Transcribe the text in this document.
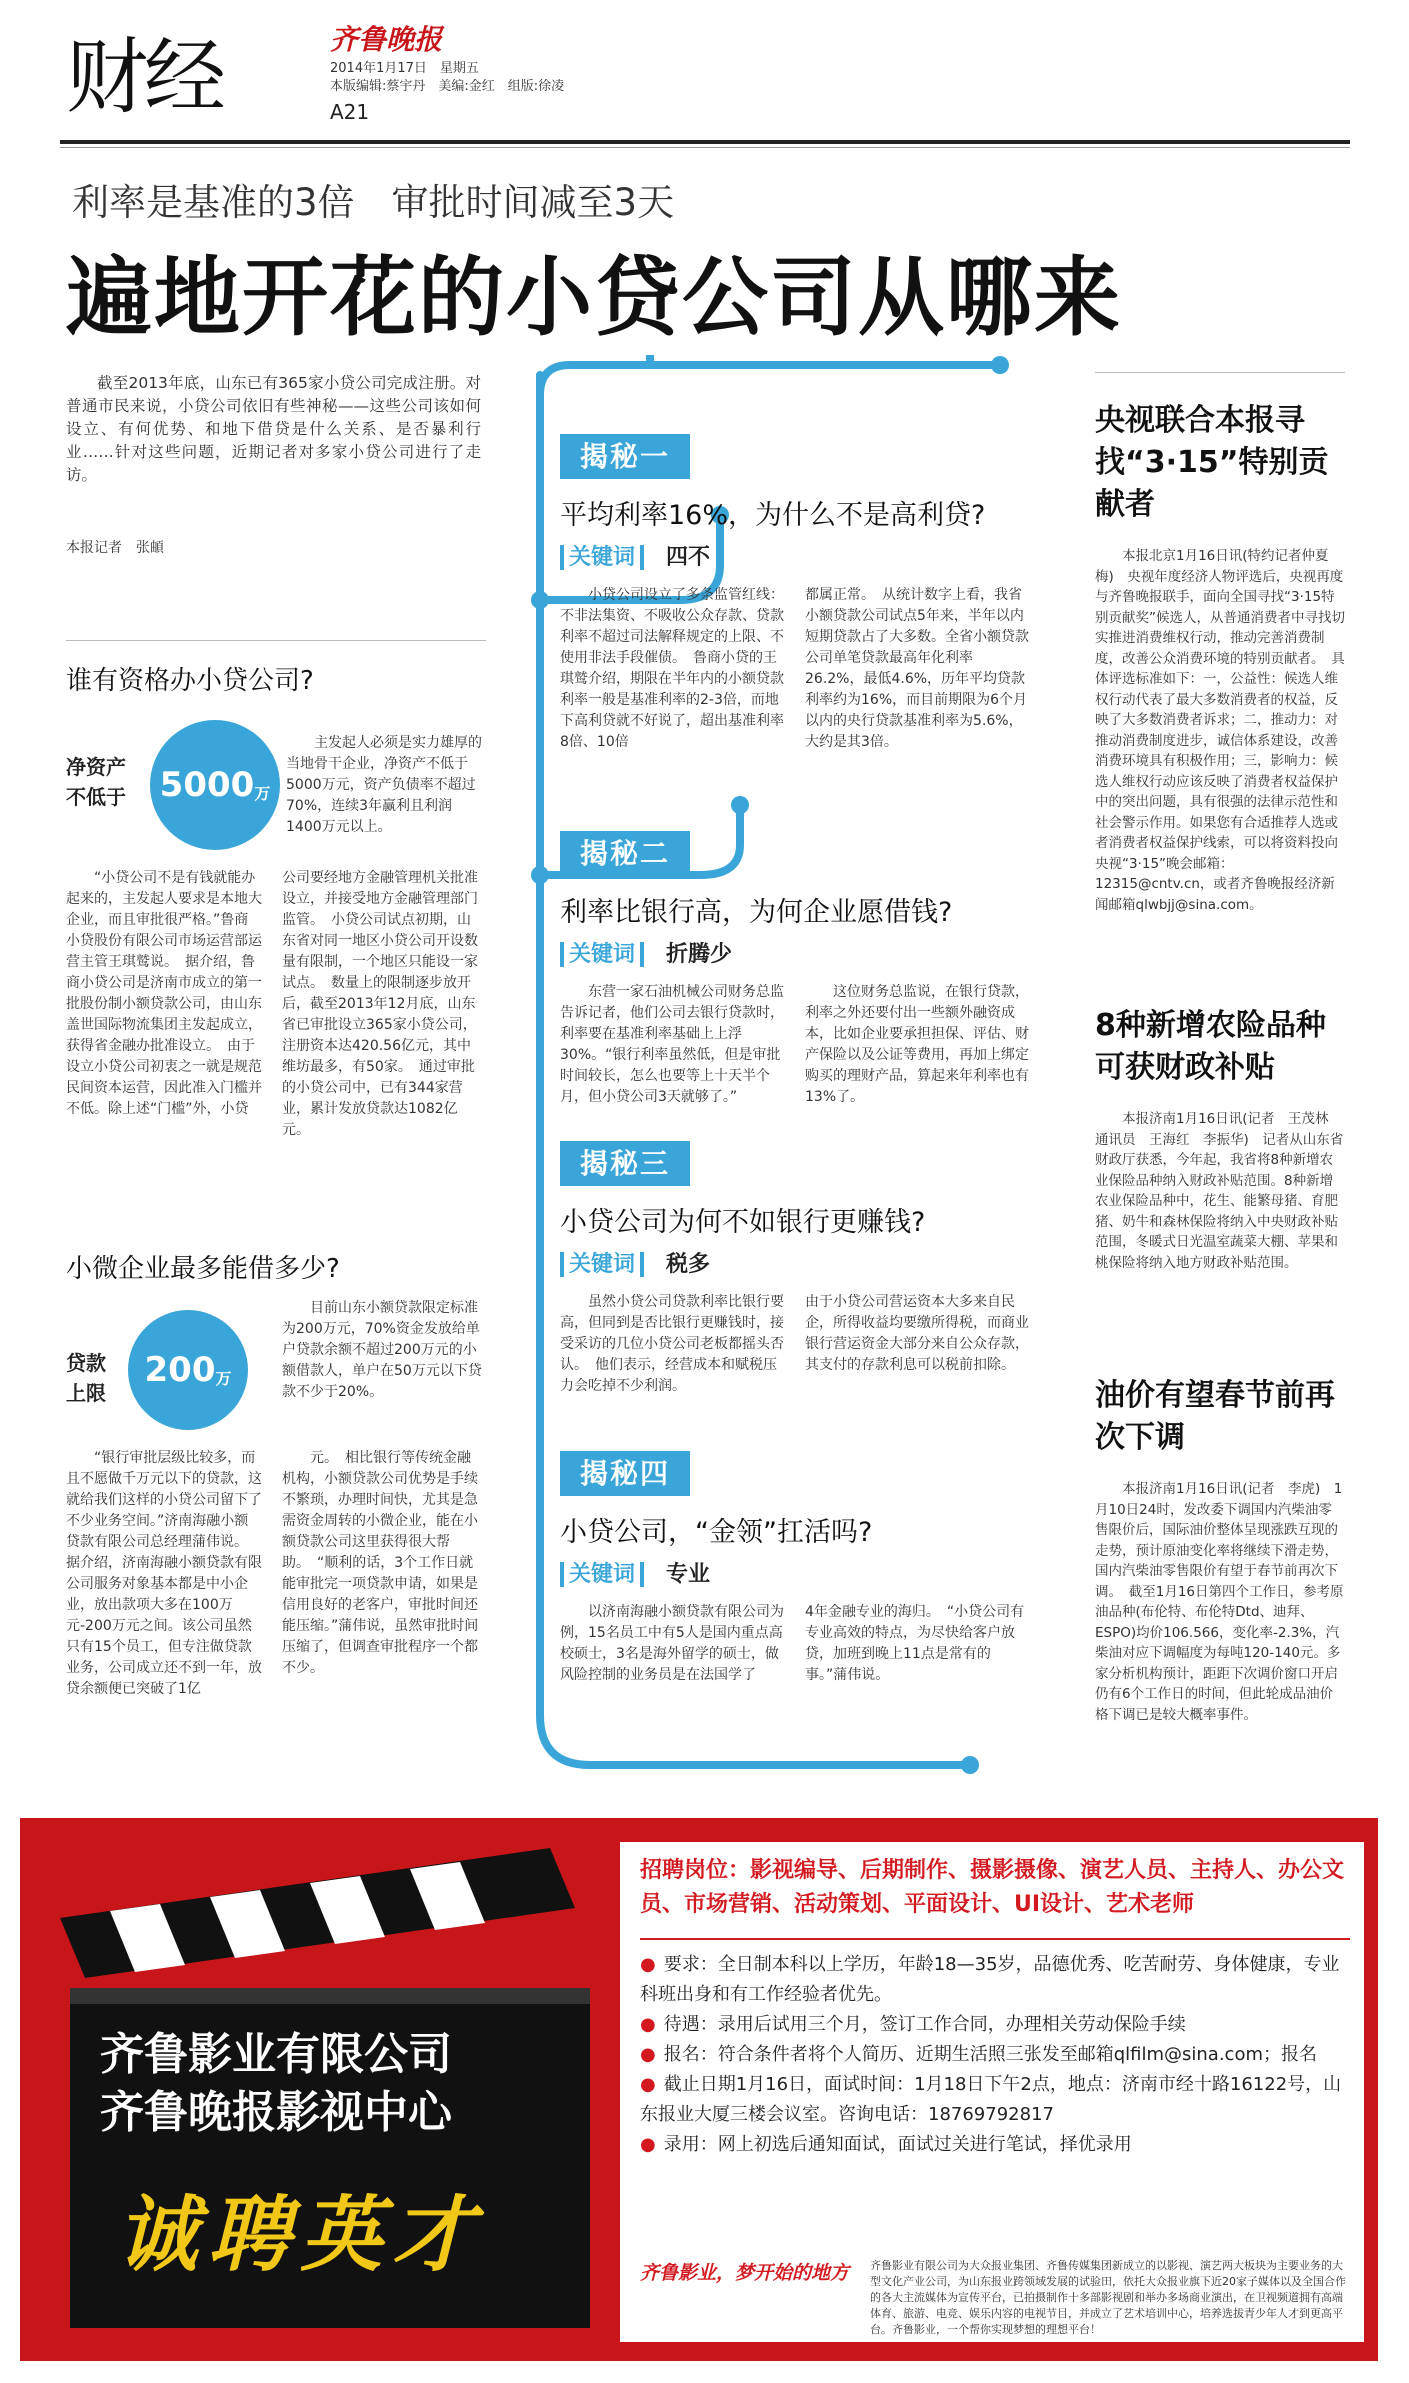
财经	齐鲁晚报
2014年1月17日　星期五
本版编辑:蔡宇丹　美编:金红　组版:徐凌
A21
利率是基准的3倍　审批时间减至3天
遍地开花的小贷公司从哪来
截至2013年底，山东已有365家小贷公司完成注册。对普通市民来说，小贷公司依旧有些神秘——这些公司该如何设立、有何优势、和地下借贷是什么关系、是否暴利行业……针对这些问题，近期记者对多家小贷公司进行了走访。
本报记者　张頔
谁有资格办小贷公司?
净资产
不低于 5000 万
主发起人必须是实力雄厚的当地骨干企业，净资产不低于5000万元，资产负债率不超过70%，连续3年赢利且利润1400万元以上。
“小贷公司不是有钱就能办起来的，主发起人要求是本地大企业，而且审批很严格。”鲁商小贷股份有限公司市场运营部运营主管王琪鹫说。　据介绍，鲁商小贷公司是济南市成立的第一批股份制小额贷款公司，由山东盖世国际物流集团主发起成立，获得省金融办批准设立。　由于设立小贷公司初衷之一就是规范民间资本运营，因此准入门槛并不低。除上述“门槛”外，小贷
公司要经地方金融管理机关批准设立，并接受地方金融管理部门监管。　小贷公司试点初期，山东省对同一地区小贷公司开设数量有限制，一个地区只能设一家试点。　数量上的限制逐步放开后，截至2013年12月底，山东省已审批设立365家小贷公司，注册资本达420.56亿元，其中维坊最多，有50家。　通过审批的小贷公司中，已有344家营业，累计发放贷款达1082亿元。
小微企业最多能借多少?
贷款
上限
200 万
目前山东小额贷款限定标准为200万元，70%资金发放给单户贷款余额不超过200万元的小额借款人，单户在50万元以下贷款不少于20%。
“银行审批层级比较多，而且不愿做千万元以下的贷款，这就给我们这样的小贷公司留下了不少业务空间。”济南海融小额贷款有限公司总经理蒲伟说。　据介绍，济南海融小额贷款有限公司服务对象基本都是中小企业，放出款项大多在100万元-200万元之间。该公司虽然只有15个员工，但专注做贷款业务，公司成立还不到一年，放贷余额便已突破了1亿
元。　相比银行等传统金融机构，小额贷款公司优势是手续不繁琐，办理时间快，尤其是急需资金周转的小微企业，能在小额贷款公司这里获得很大帮助。　“顺利的话，3个工作日就能审批完一项贷款申请，如果是信用良好的老客户，审批时间还能压缩。”蒲伟说，虽然审批时间压缩了，但调查审批程序一个都不少。
揭秘一
平均利率16%，为什么不是高利贷?
关键词　 四不
小贷公司设立了多条监管红线：不非法集资、不吸收公众存款、贷款利率不超过司法解释规定的上限、不使用非法手段催债。　鲁商小贷的王琪鹫介绍，期限在半年内的小额贷款利率一般是基准利率的2-3倍，而地下高利贷就不好说了，超出基准利率8倍、10倍
都属正常。　从统计数字上看，我省小额贷款公司试点5年来，半年以内短期贷款占了大多数。全省小额贷款公司单笔贷款最高年化利率26.2%，最低4.6%，历年平均贷款利率约为16%，而目前期限为6个月以内的央行贷款基准利率为5.6%，大约是其3倍。
揭秘二
利率比银行高，为何企业愿借钱?
关键词　 折腾少
东营一家石油机械公司财务总监告诉记者，他们公司去银行贷款时，利率要在基准利率基础上上浮30%。“银行利率虽然低，但是审批时间较长，怎么也要等上十天半个月，但小贷公司3天就够了。”
这位财务总监说，在银行贷款，利率之外还要付出一些额外融资成本，比如企业要承担担保、评估、财产保险以及公证等费用，再加上绑定购买的理财产品，算起来年利率也有13%了。
揭秘三
小贷公司为何不如银行更赚钱?
关键词　 税多
虽然小贷公司贷款利率比银行要高，但同到是否比银行更赚钱时，接受采访的几位小贷公司老板都摇头否认。　他们表示，经营成本和赋税压力会吃掉不少利润。
由于小贷公司营运资本大多来自民企，所得收益均要缴所得税，而商业银行营运资金大部分来自公众存款，其支付的存款利息可以税前扣除。
揭秘四
小贷公司，“金领”扛活吗?
关键词　 专业
以济南海融小额贷款有限公司为例，15名员工中有5人是国内重点高校硕士，3名是海外留学的硕士，做风险控制的业务员是在法国学了
4年金融专业的海归。　“小贷公司有专业高效的特点，为尽快给客户放贷，加班到晚上11点是常有的事。”蒲伟说。
央视联合本报寻找“3·15”特别贡献者
本报北京1月16日讯(特约记者仲夏梅)　央视年度经济人物评选后，央视再度与齐鲁晚报联手，面向全国寻找“3·15特别贡献奖”候选人，从普通消费者中寻找切实推进消费维权行动，推动完善消费制度，改善公众消费环境的特别贡献者。　具体评选标准如下：一，公益性：候选人维权行动代表了最大多数消费者的权益，反映了大多数消费者诉求；二，推动力：对推动消费制度进步，诚信体系建设，改善消费环境具有积极作用；三，影响力：候选人维权行动应该反映了消费者权益保护中的突出问题，具有很强的法律示范性和社会警示作用。如果您有合适推荐人选或者消费者权益保护线索，可以将资料投向央视“3·15”晚会邮箱：12315@cntv.cn，或者齐鲁晚报经济新闻邮箱qlwbjj@sina.com。
8种新增农险品种可获财政补贴
本报济南1月16日讯(记者　王茂林　通讯员　王海红　李振华)　记者从山东省财政厅获悉，今年起，我省将8种新增农业保险品种纳入财政补贴范围。8种新增农业保险品种中，花生、能繁母猪、育肥猪、奶牛和森林保险将纳入中央财政补贴范围，冬暖式日光温室蔬菜大棚、苹果和桃保险将纳入地方财政补贴范围。
油价有望春节前再次下调
本报济南1月16日讯(记者　李虎)　1月10日24时，发改委下调国内汽柴油零售限价后，国际油价整体呈现涨跌互现的走势，预计原油变化率将继续下滑走势，国内汽柴油零售限价有望于春节前再次下调。　截至1月16日第四个工作日，参考原油品种(布伦特、布伦特Dtd、迪拜、ESPO)均价106.566，变化率-2.3%，汽柴油对应下调幅度为每吨120-140元。多家分析机构预计，距距下次调价窗口开启仍有6个工作日的时间，但此轮成品油价格下调已是较大概率事件。
齐鲁影业有限公司
齐鲁晚报影视中心
诚聘英才
招聘岗位：影视编导、后期制作、摄影摄像、演艺人员、主持人、办公文员、市场营销、活动策划、平面设计、UI设计、艺术老师
● 要求：全日制本科以上学历，年龄18—35岁，品德优秀、吃苦耐劳、身体健康，专业科班出身和有工作经验者优先。
● 待遇：录用后试用三个月，签订工作合同，办理相关劳动保险手续
● 报名：符合条件者将个人简历、近期生活照三张发至邮箱qlfilm@sina.com；报名
● 截止日期1月16日，面试时间：1月18日下午2点，地点：济南市经十路16122号，山东报业大厦三楼会议室。咨询电话：18769792817
● 录用：网上初选后通知面试，面试过关进行笔试，择优录用
齐鲁影业，梦开始的地方	齐鲁影业有限公司为大众报业集团、齐鲁传媒集团新成立的以影视、演艺两大板块为主要业务的大型文化产业公司，为山东报业跨领域发展的试验田，依托大众报业旗下近20家子媒体以及全国合作的各大主流媒体为宣传平台，已拍摄制作十多部影视剧和举办多场商业演出，在卫视频道拥有高端体育、旅游、电竞、娱乐内容的电视节目，并成立了艺术培训中心，培养选拔青少年人才到更高平台。齐鲁影业，一个帮你实现梦想的理想平台！
